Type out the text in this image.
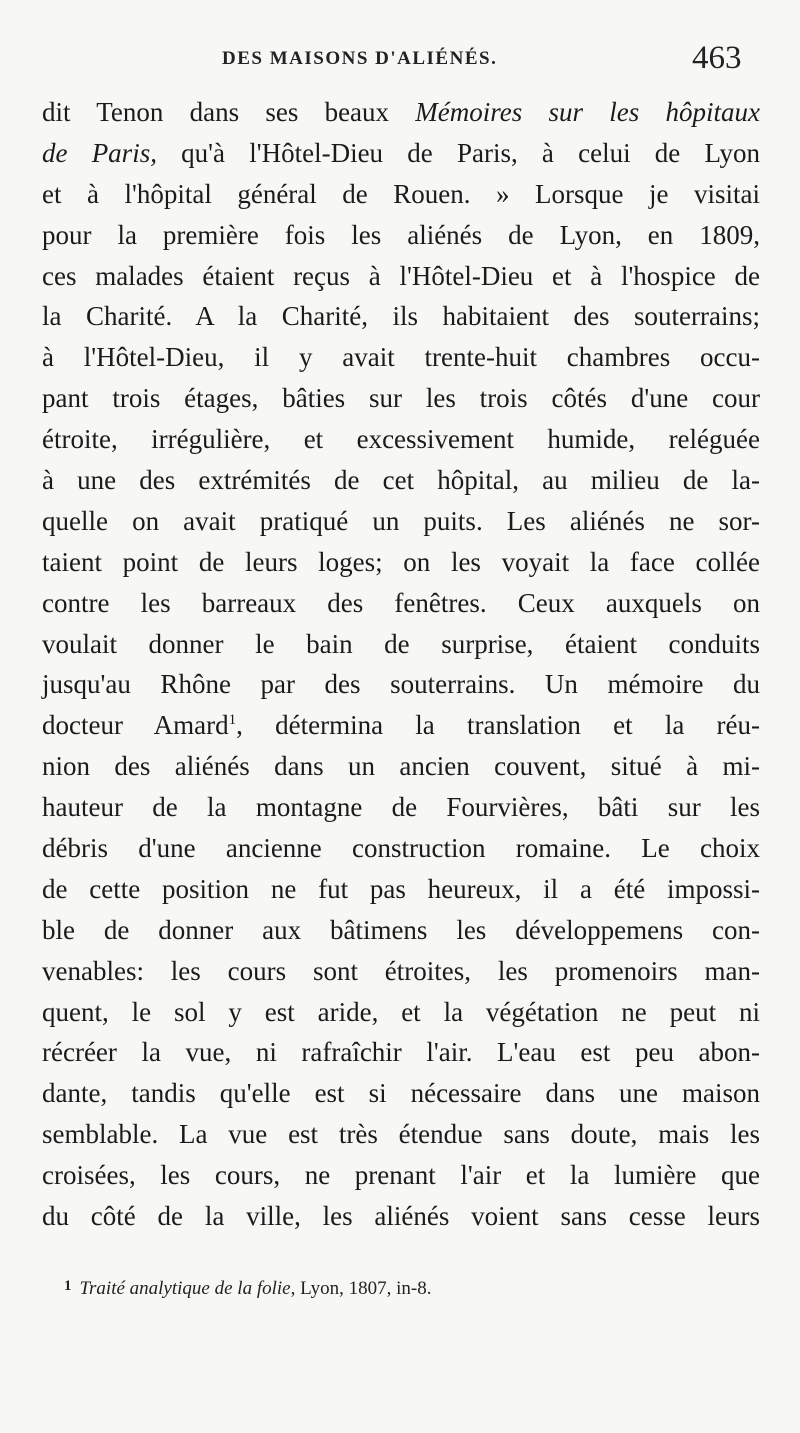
DES MAISONS D'ALIÉNÉS.	463
dit Tenon dans ses beaux Mémoires sur les hôpitaux
de Paris, qu'à l'Hôtel-Dieu de Paris, à celui de Lyon
et à l'hôpital général de Rouen. » Lorsque je visitai
pour la première fois les aliénés de Lyon, en 1809,
ces malades étaient reçus à l'Hôtel-Dieu et à l'hospice de
la Charité. A la Charité, ils habitaient des souterrains;
à l'Hôtel-Dieu, il y avait trente-huit chambres occu-
pant trois étages, bâties sur les trois côtés d'une cour
étroite, irrégulière, et excessivement humide, reléguée
à une des extrémités de cet hôpital, au milieu de la-
quelle on avait pratiqué un puits. Les aliénés ne sor-
taient point de leurs loges; on les voyait la face collée
contre les barreaux des fenêtres. Ceux auxquels on
voulait donner le bain de surprise, étaient conduits
jusqu'au Rhône par des souterrains. Un mémoire du
docteur Amard$^1$, détermina la translation et la réu-
nion des aliénés dans un ancien couvent, situé à mi-
hauteur de la montagne de Fourvières, bâti sur les
débris d'une ancienne construction romaine. Le choix
de cette position ne fut pas heureux, il a été impossi-
ble de donner aux bâtimens les développemens con-
venables: les cours sont étroites, les promenoirs man-
quent, le sol y est aride, et la végétation ne peut ni
récréer la vue, ni rafraîchir l'air. L'eau est peu abon-
dante, tandis qu'elle est si nécessaire dans une maison
semblable. La vue est très étendue sans doute, mais les
croisées, les cours, ne prenant l'air et la lumière que
du côté de la ville, les aliénés voient sans cesse leurs
$^1$ Traité analytique de la folie, Lyon, 1807, in-8.
